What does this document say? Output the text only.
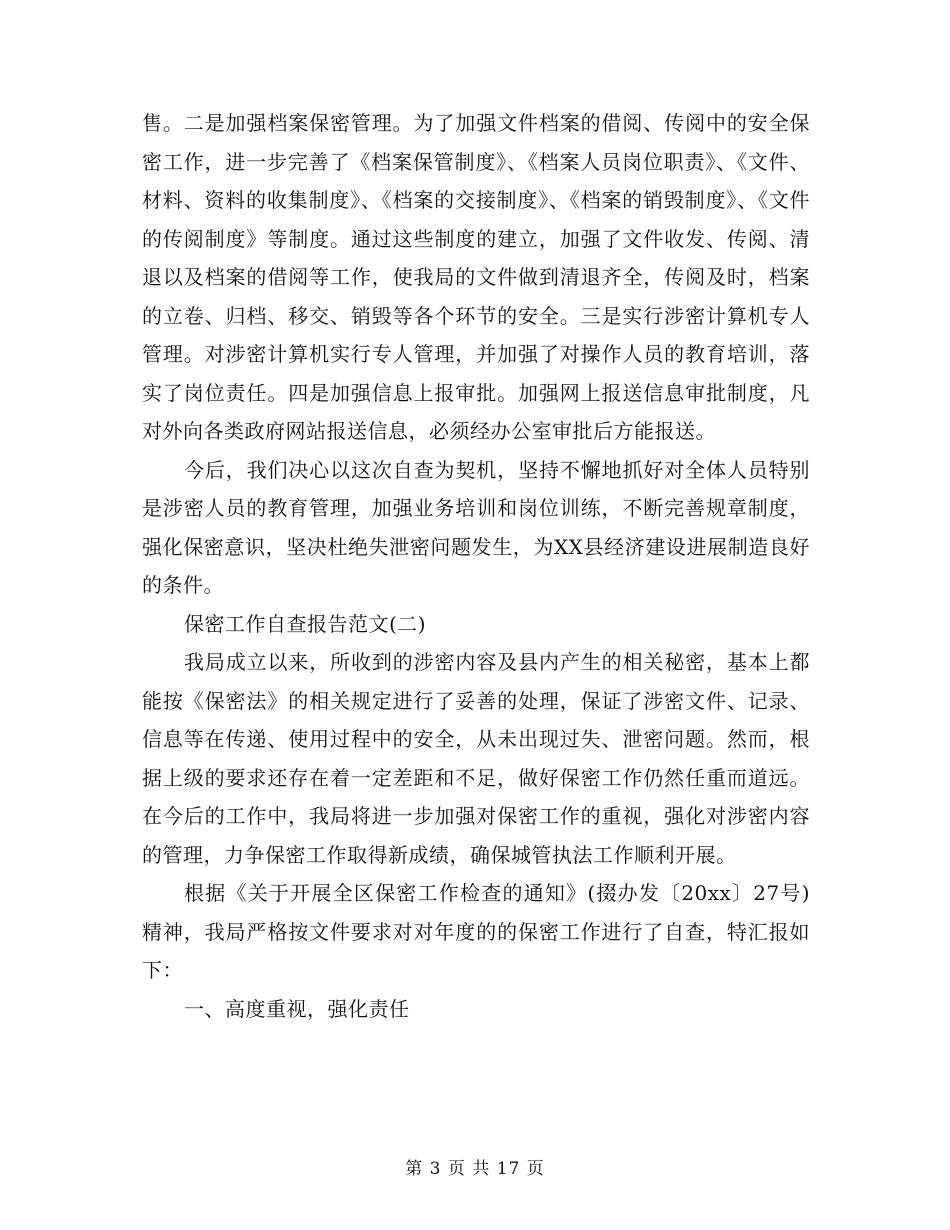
售。二是加强档案保密管理。为了加强文件档案的借阅、传阅中的安全保密工作，进一步完善了《档案保管制度》、《档案人员岗位职责》、《文件、材料、资料的收集制度》、《档案的交接制度》、《档案的销毁制度》、《文件的传阅制度》等制度。通过这些制度的建立，加强了文件收发、传阅、清退以及档案的借阅等工作，使我局的文件做到清退齐全，传阅及时，档案的立卷、归档、移交、销毁等各个环节的安全。三是实行涉密计算机专人管理。对涉密计算机实行专人管理，并加强了对操作人员的教育培训，落实了岗位责任。四是加强信息上报审批。加强网上报送信息审批制度，凡对外向各类政府网站报送信息，必须经办公室审批后方能报送。

今后，我们决心以这次自查为契机，坚持不懈地抓好对全体人员特别是涉密人员的教育管理，加强业务培训和岗位训练，不断完善规章制度，强化保密意识，坚决杜绝失泄密问题发生，为XX县经济建设进展制造良好的条件。

保密工作自查报告范文(二)

我局成立以来，所收到的涉密内容及县内产生的相关秘密，基本上都能按《保密法》的相关规定进行了妥善的处理，保证了涉密文件、记录、信息等在传递、使用过程中的安全，从未出现过失、泄密问题。然而，根据上级的要求还存在着一定差距和不足，做好保密工作仍然任重而道远。在今后的工作中，我局将进一步加强对保密工作的重视，强化对涉密内容的管理，力争保密工作取得新成绩，确保城管执法工作顺利开展。

根据《关于开展全区保密工作检查的通知》(掇办发〔20xx〕27号)精神，我局严格按文件要求对对年度的的保密工作进行了自查，特汇报如下：

一、高度重视，强化责任

第 3 页 共 17 页
